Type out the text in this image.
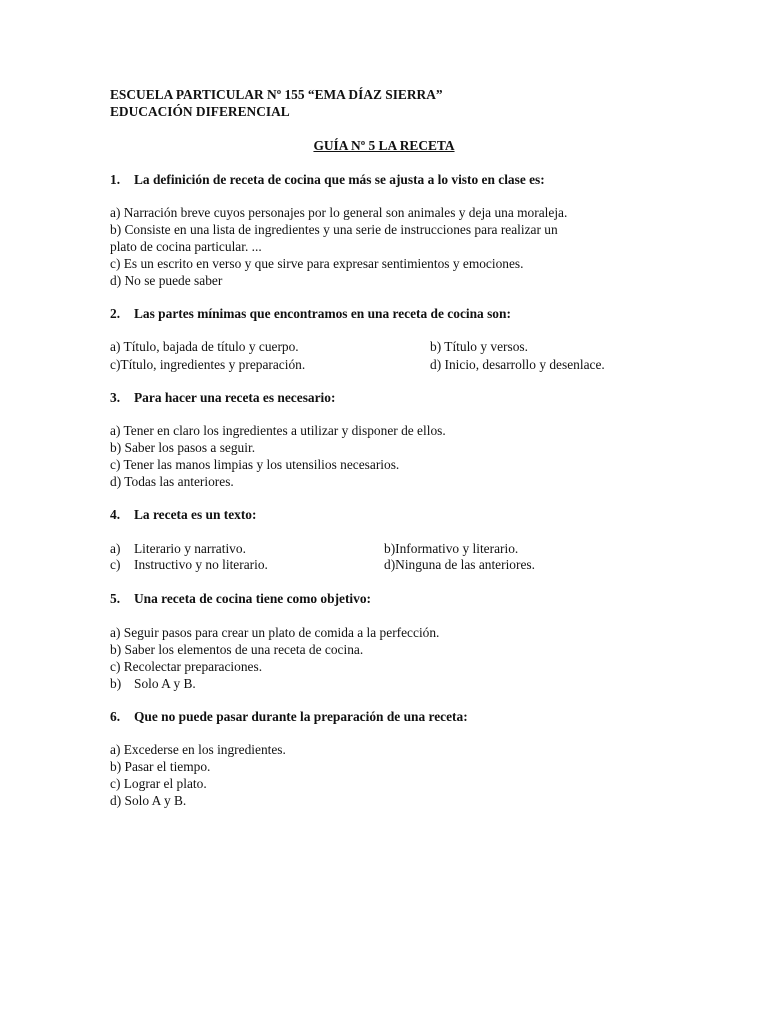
ESCUELA PARTICULAR Nº 155 “EMA DÍAZ SIERRA”
EDUCACIÓN DIFERENCIAL
GUÍA Nº 5 LA RECETA
1. La definición de receta de cocina que más se ajusta a lo visto en clase es:
a) Narración breve cuyos personajes por lo general son animales y deja una moraleja.
b) Consiste en una lista de ingredientes y una serie de instrucciones para realizar un
plato de cocina particular. ...
c) Es un escrito en verso y que sirve para expresar sentimientos y emociones.
d) No se puede saber
2. Las partes mínimas que encontramos en una receta de cocina son:
a) Título, bajada de título y cuerpo.	b) Título y versos.
c)Título, ingredientes y preparación.	d) Inicio, desarrollo y desenlace.
3. Para hacer una receta es necesario:
a) Tener en claro los ingredientes a utilizar y disponer de ellos.
b) Saber los pasos a seguir.
c) Tener las manos limpias y los utensilios necesarios.
d) Todas las anteriores.
4. La receta es un texto:
a) Literario y narrativo.	b)Informativo y literario.
c) Instructivo y no literario.	d)Ninguna de las anteriores.
5. Una receta de cocina tiene como objetivo:
a) Seguir pasos para crear un plato de comida a la perfección.
b) Saber los elementos de una receta de cocina.
c) Recolectar preparaciones.
b) Solo A y B.
6. Que no puede pasar durante la preparación de una receta:
a) Excederse en los ingredientes.
b) Pasar el tiempo.
c) Lograr el plato.
d) Solo A y B.
